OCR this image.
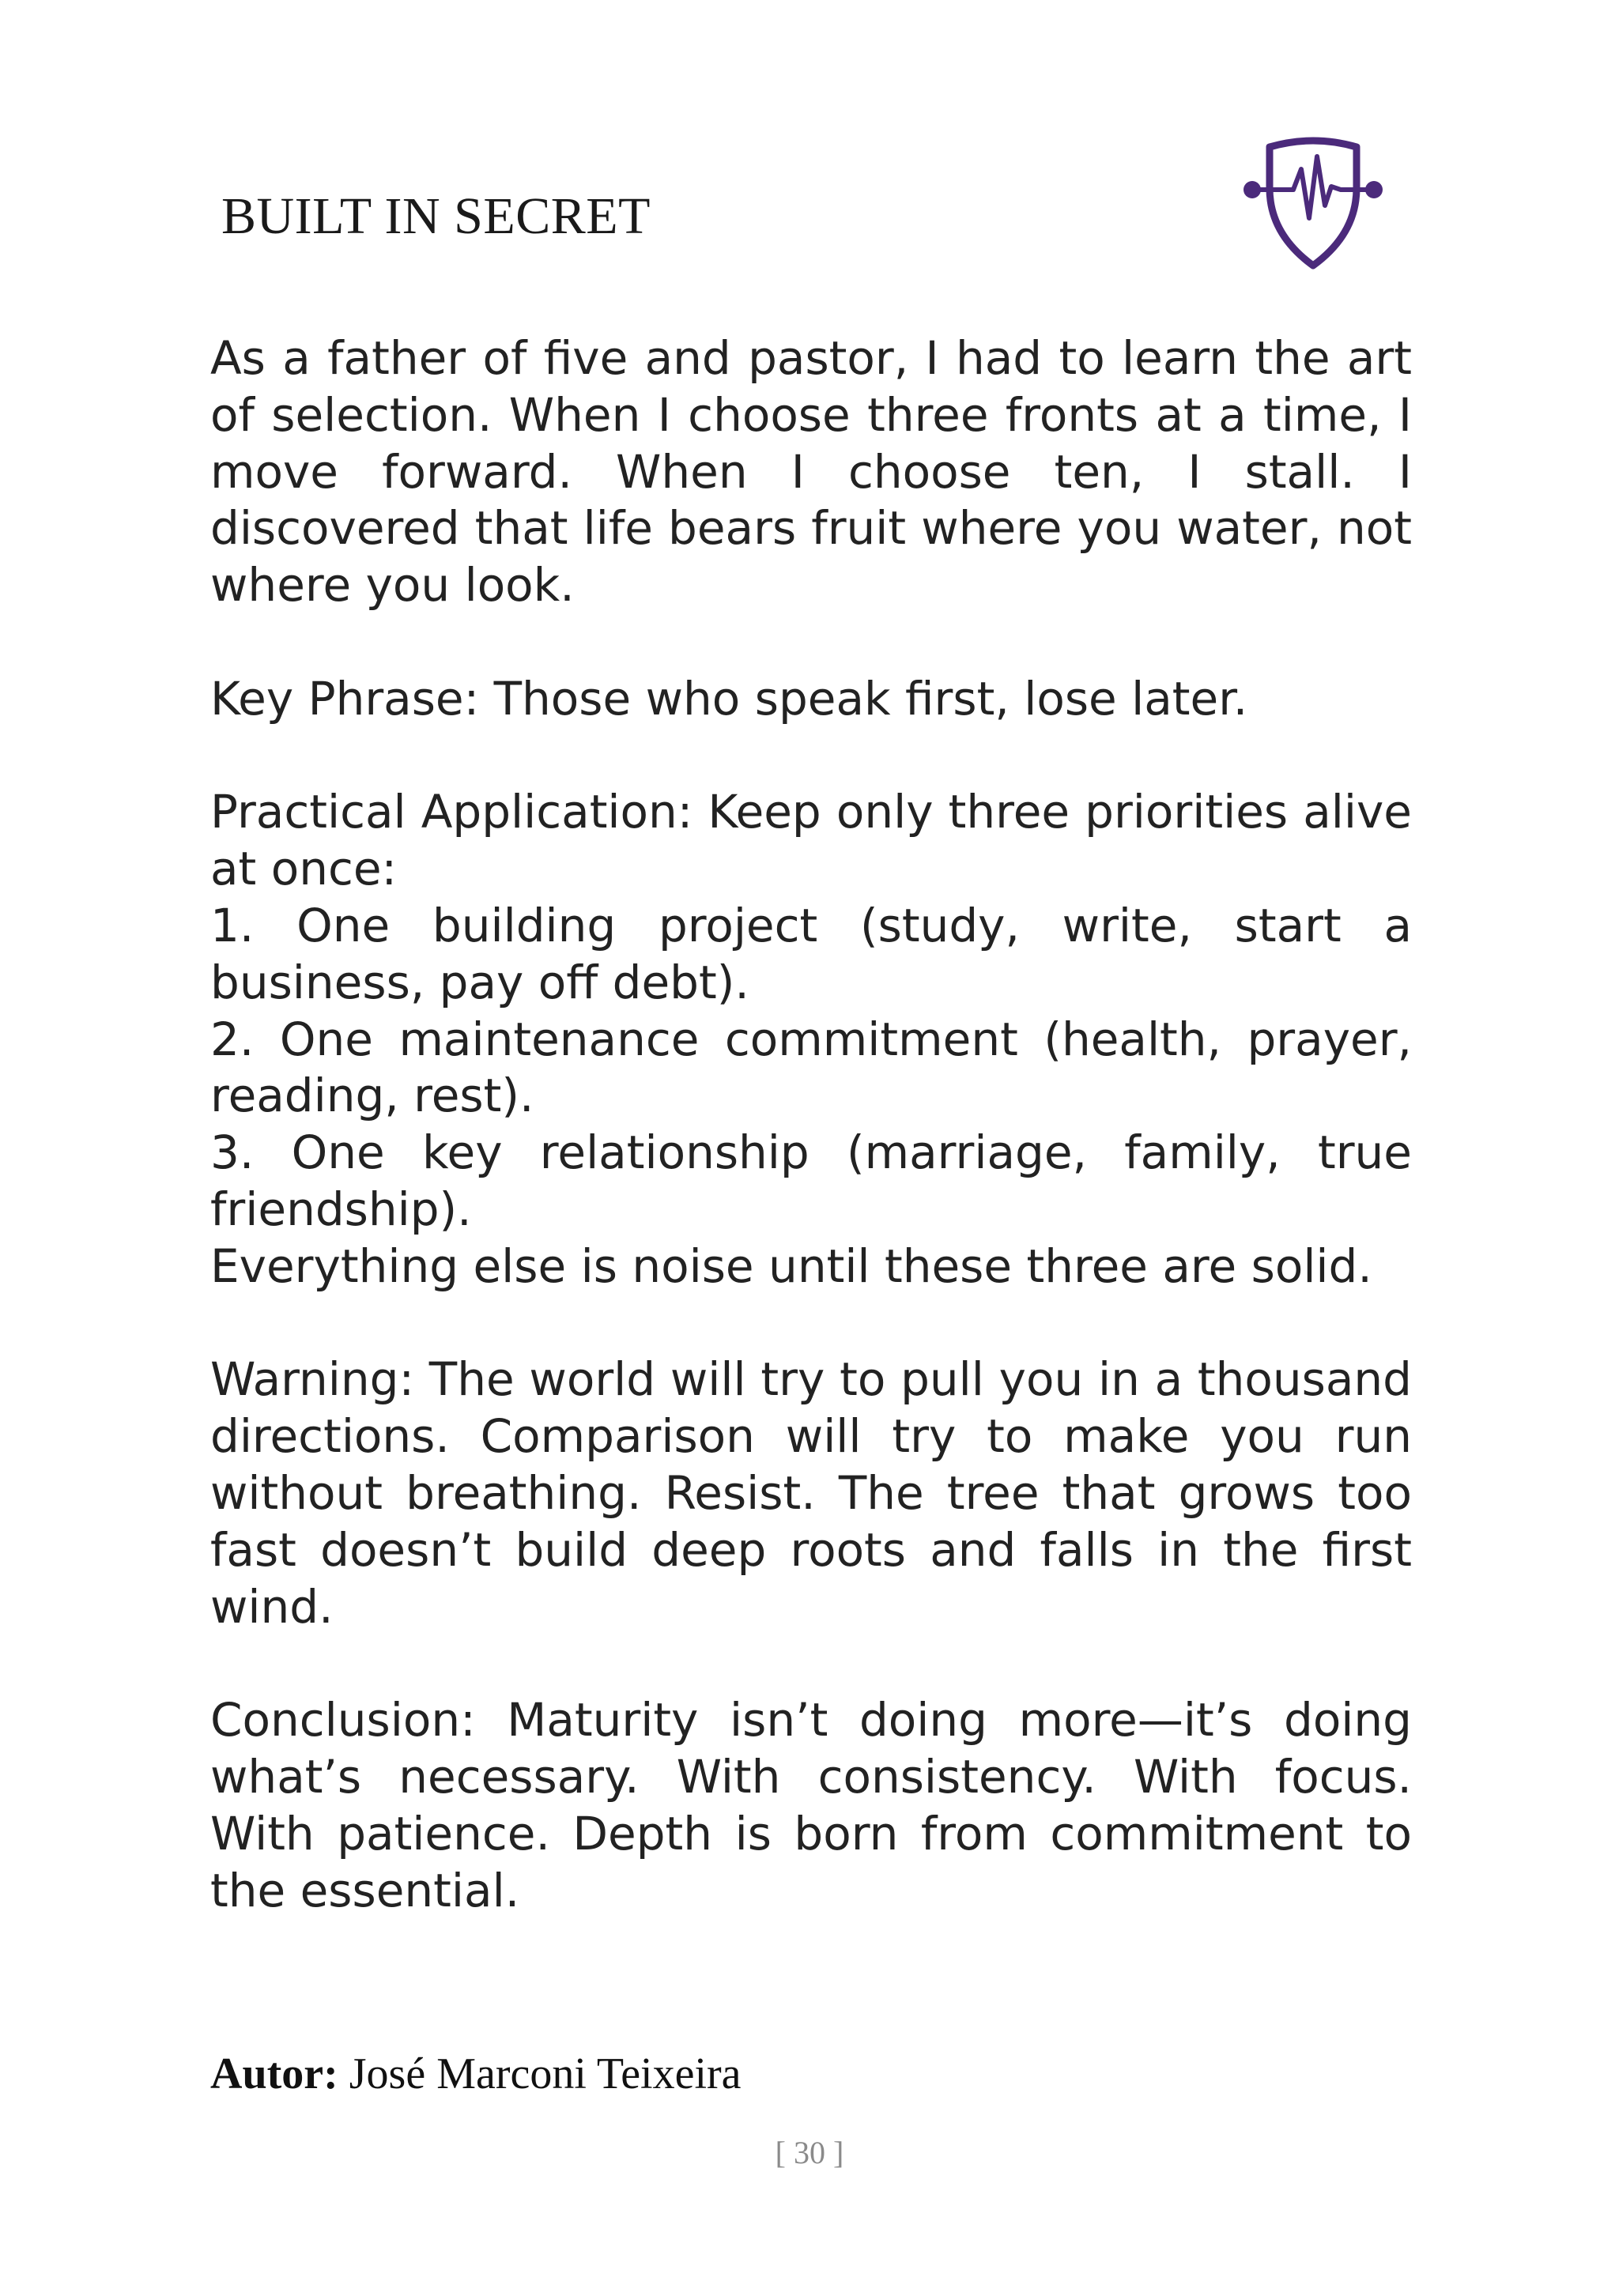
BUILT IN SECRET

As a father of five and pastor, I had to learn the art of selection. When I choose three fronts at a time, I move forward. When I choose ten, I stall. I discovered that life bears fruit where you water, not where you look.

Key Phrase: Those who speak first, lose later.

Practical Application: Keep only three priorities alive at once:

1. One building project (study, write, start a business, pay off debt).

2. One maintenance commitment (health, prayer, reading, rest).

3. One key relationship (marriage, family, true friendship).

Everything else is noise until these three are solid.

Warning: The world will try to pull you in a thousand directions. Comparison will try to make you run without breathing. Resist. The tree that grows too fast doesn’t build deep roots and falls in the first wind.

Conclusion: Maturity isn’t doing more—it’s doing what’s necessary. With consistency. With focus. With patience. Depth is born from commitment to the essential.

Autor: José Marconi Teixeira
[ 30 ]
